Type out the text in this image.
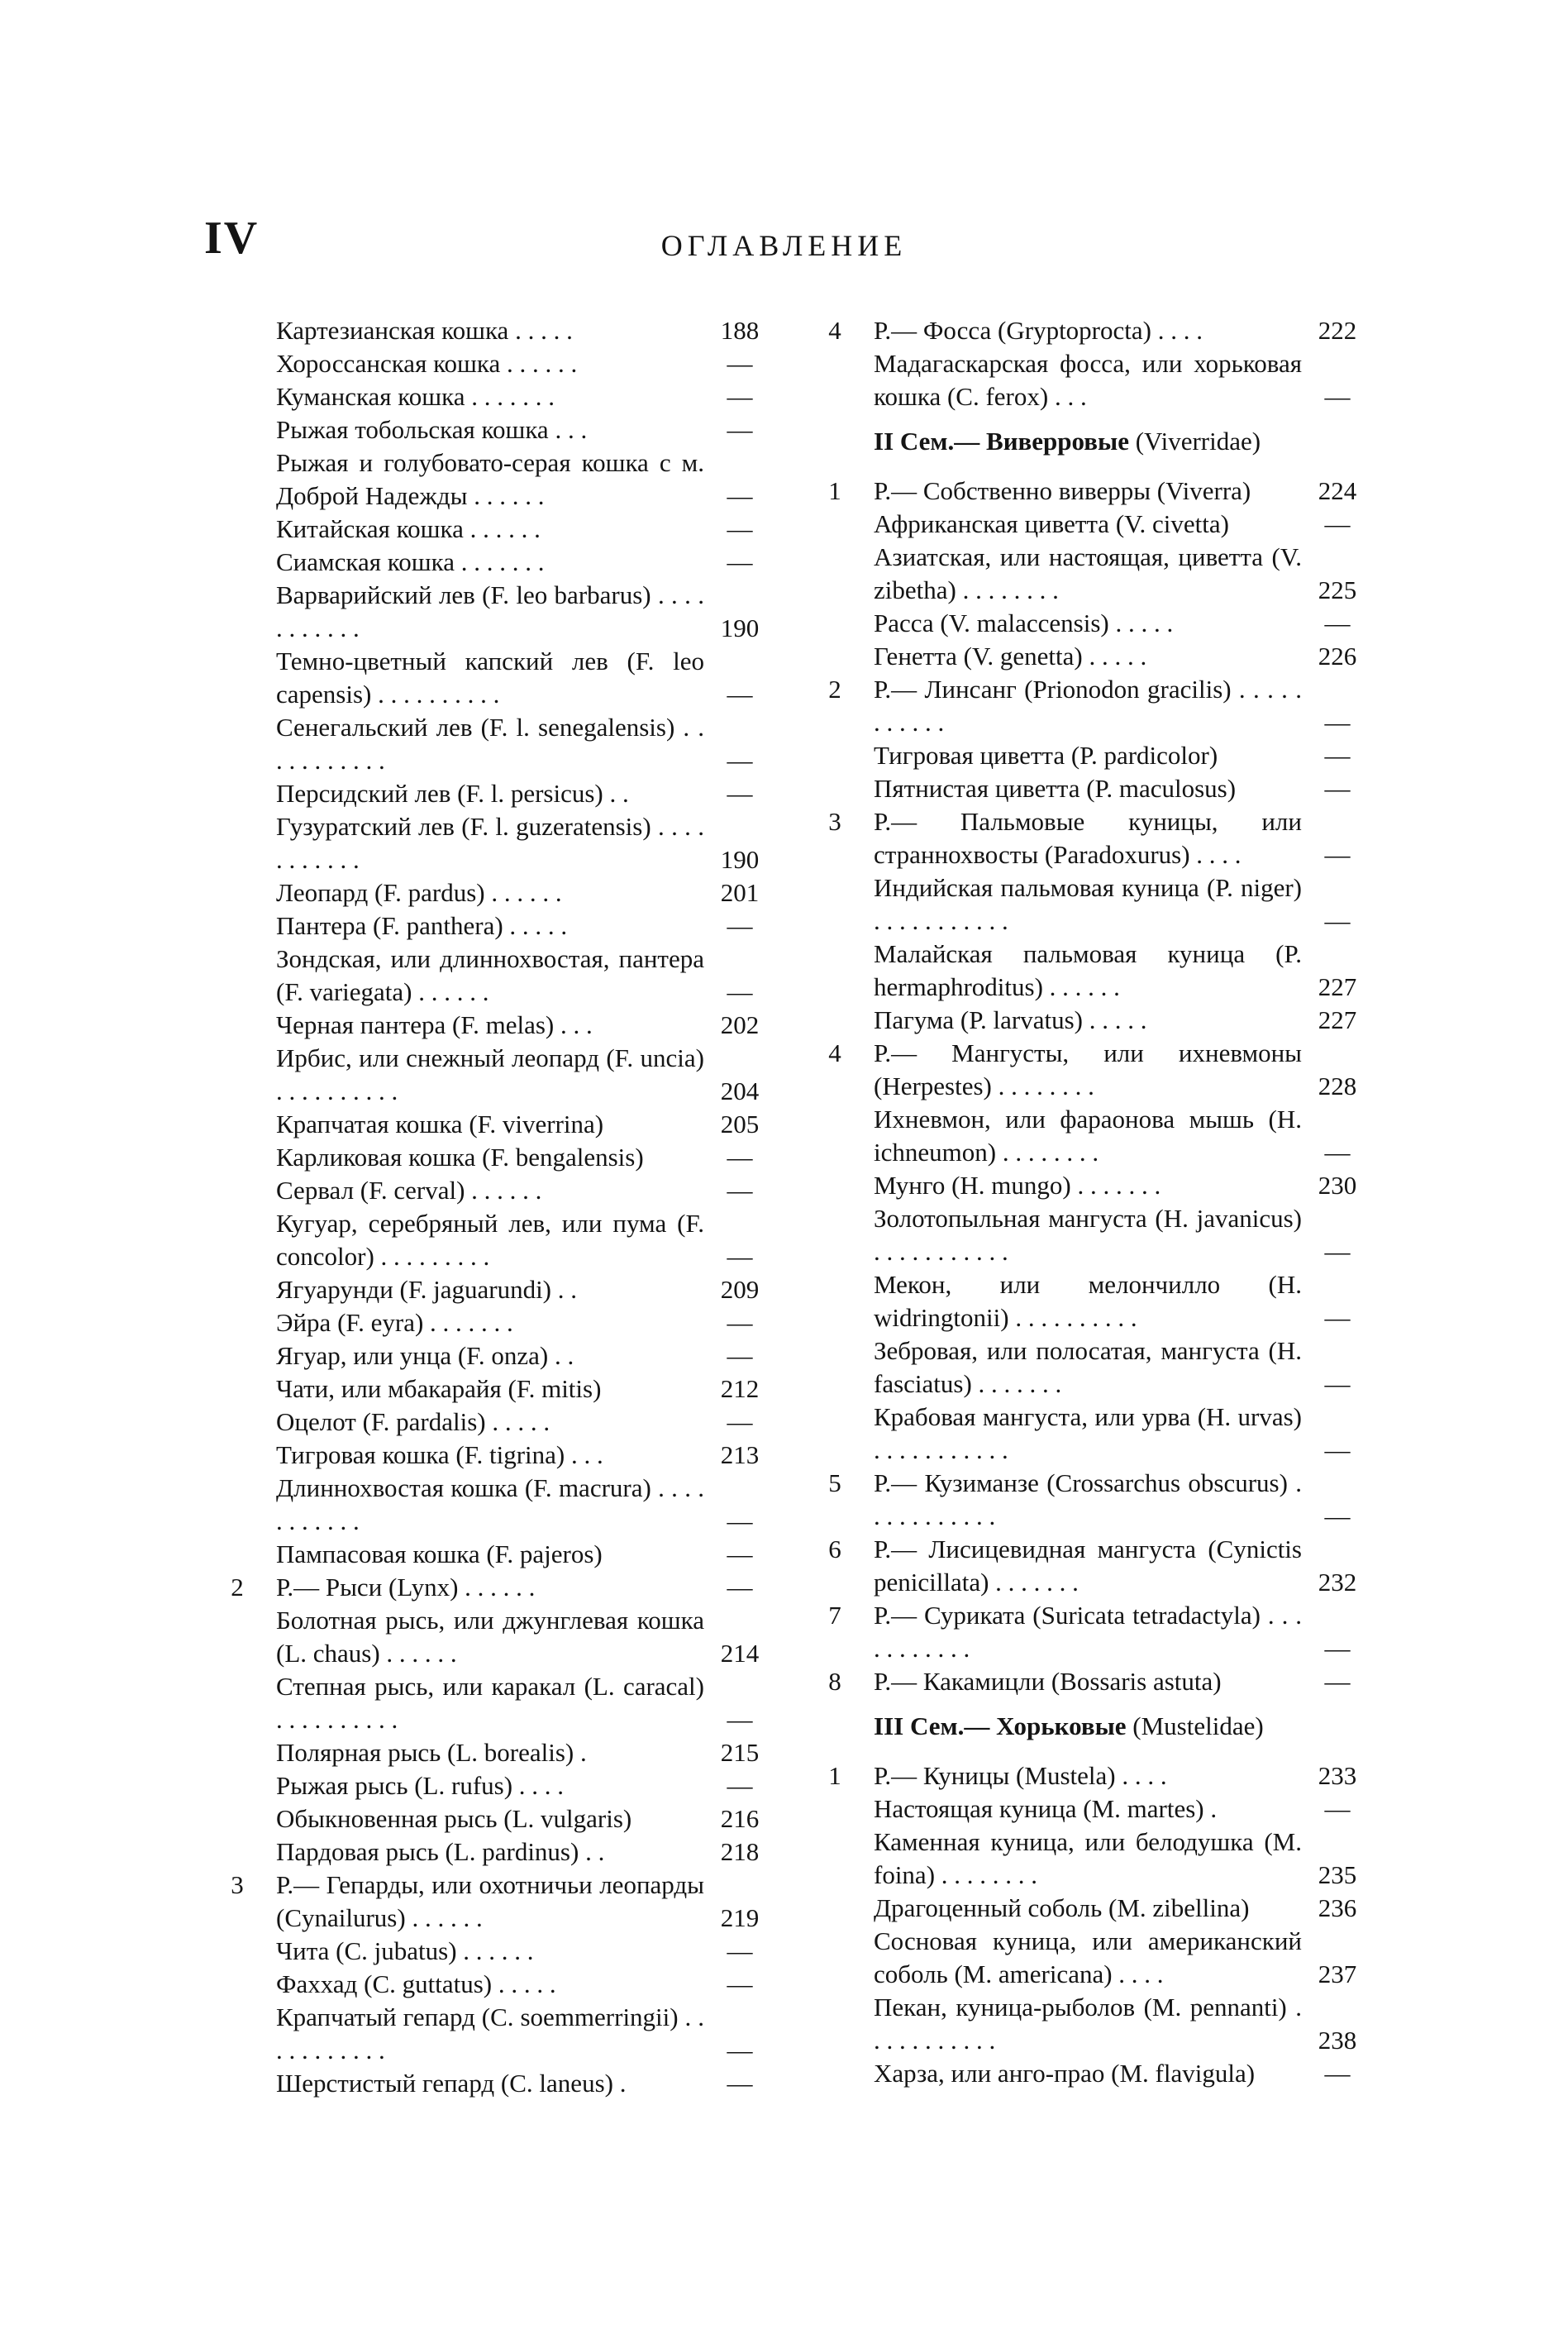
IV	ОГЛАВЛЕНИЕ
Картезианская кошка . . . . .	188
Хороссанская кошка . . . . . .	—
Куманская кошка . . . . . . .	—
Рыжая тобольская кошка . . .	—
Рыжая и голубовато-серая кошка с м. Доброй Надежды . . . . . .	—
Китайская кошка . . . . . .	—
Сиамская кошка . . . . . . .	—
Варварийский лев (F. leo barbarus) . . . . . . . . . . .	190
Темно-цветный капский лев (F. leo capensis) . . . . . . . . . .	—
Сенегальский лев (F. l. senegalensis) . . . . . . . . . . .	—
Персидский лев (F. l. persicus) . .	—
Гузуратский лев (F. l. guzeratensis) . . . . . . . . . . .	190
Леопард (F. pardus) . . . . . .	201
Пантера (F. panthera) . . . . .	—
Зондская, или длиннохвостая, пантера (F. variegata) . . . . . .	—
Черная пантера (F. melas) . . .	202
Ирбис, или снежный леопард (F. uncia) . . . . . . . . . .	204
Крапчатая кошка (F. viverrina)	205
Карликовая кошка (F. bengalensis)	—
Сервал (F. cerval) . . . . . .	—
Кугуар, серебряный лев, или пума (F. concolor) . . . . . . . . .	—
Ягуарунди (F. jaguarundi) . .	209
Эйра (F. eyra) . . . . . . .	—
Ягуар, или унца (F. onza) . .	—
Чати, или мбакарайя (F. mitis)	212
Оцелот (F. pardalis) . . . . .	—
Тигровая кошка (F. tigrina) . . .	213
Длиннохвостая кошка (F. macrura) . . . . . . . . . . .	—
Пампасовая кошка (F. pajeros)	—
2 Р.— Рыси (Lynx) . . . . . .	—
Болотная рысь, или джунглевая кошка (L. chaus) . . . . . .	214
Степная рысь, или каракал (L. caracal) . . . . . . . . . .	—
Полярная рысь (L. borealis) .	215
Рыжая рысь (L. rufus) . . . .	—
Обыкновенная рысь (L. vulgaris)	216
Пардовая рысь (L. pardinus) . .	218
3 Р.— Гепарды, или охотничьи леопарды (Cynailurus) . . . . . .	219
Чита (C. jubatus) . . . . . .	—
Фаххад (C. guttatus) . . . . .	—
Крапчатый гепард (C. soemmerringii) . . . . . . . . . . .	—
Шерстистый гепард (C. laneus) .	—
4 Р.— Фосса (Gryptoprocta) . . . .	222
Мадагаскарская фосса, или хорьковая кошка (C. ferox) . . .	—
II Сем.— Виверровые (Viverridae)
1 Р.— Собственно виверры (Viverra)	224
Африканская циветта (V. civetta)	—
Азиатская, или настоящая, циветта (V. zibetha) . . . . . . . .	225
Расса (V. malaccensis) . . . . .	—
Генетта (V. genetta) . . . . .	226
2 Р.— Линсанг (Prionodon gracilis) . . . . . . . . . . .	—
Тигровая циветта (P. pardicolor)	—
Пятнистая циветта (P. maculosus)	—
3 Р.— Пальмовые куницы, или страннохвосты (Paradoxurus) . . . .	—
Индийская пальмовая куница (P. niger) . . . . . . . . . . .	—
Малайская пальмовая куница (P. hermaphroditus) . . . . . .	227
Пагума (P. larvatus) . . . . .	227
4 Р.— Мангусты, или ихневмоны (Herpestes) . . . . . . . .	228
Ихневмон, или фараонова мышь (H. ichneumon) . . . . . . . .	—
Мунго (H. mungo) . . . . . . .	230
Золотопыльная мангуста (H. javanicus) . . . . . . . . . . .	—
Мекон, или мелончилло (H. widringtonii) . . . . . . . . . .	—
Зебровая, или полосатая, мангуста (H. fasciatus) . . . . . . .	—
Крабовая мангуста, или урва (H. urvas) . . . . . . . . . . .	—
5 Р.— Кузиманзе (Crossarchus obscurus) . . . . . . . . . . .	—
6 Р.— Лисицевидная мангуста (Cynictis penicillata) . . . . . . .	232
7 Р.— Сурикатa (Suricata tetradactyla) . . . . . . . . . . .	—
8 Р.— Какамицли (Bossaris astuta)	—
III Сем.— Хорьковые (Mustelidae)
1 Р.— Куницы (Mustela) . . . .	233
Настоящая куница (M. martes) .	—
Каменная куница, или белодушка (M. foina) . . . . . . . .	235
Драгоценный соболь (M. zibellina)	236
Сосновая куница, или американский соболь (M. americana) . . . .	237
Пекан, куница-рыболов (M. pennanti) . . . . . . . . . . .	238
Харза, или анго-прао (M. flavigula)	—
